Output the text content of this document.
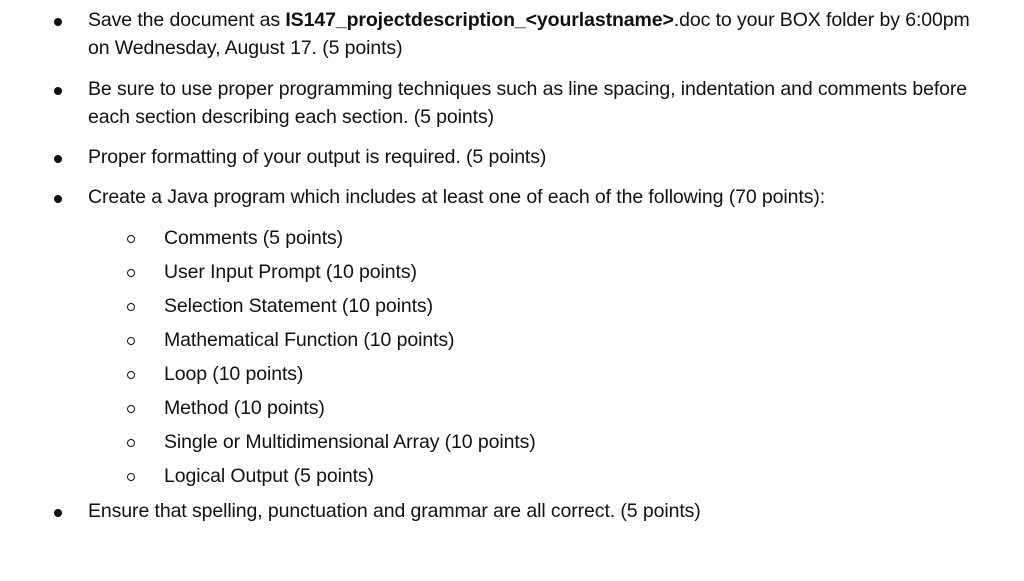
Save the document as IS147_projectdescription_<yourlastname>.doc to your BOX folder by 6:00pm on Wednesday, August 17. (5 points)
Be sure to use proper programming techniques such as line spacing, indentation and comments before each section describing each section. (5 points)
Proper formatting of your output is required. (5 points)
Create a Java program which includes at least one of each of the following (70 points):
Comments (5 points)
User Input Prompt (10 points)
Selection Statement (10 points)
Mathematical Function (10 points)
Loop (10 points)
Method (10 points)
Single or Multidimensional Array (10 points)
Logical Output (5 points)
Ensure that spelling, punctuation and grammar are all correct. (5 points)
